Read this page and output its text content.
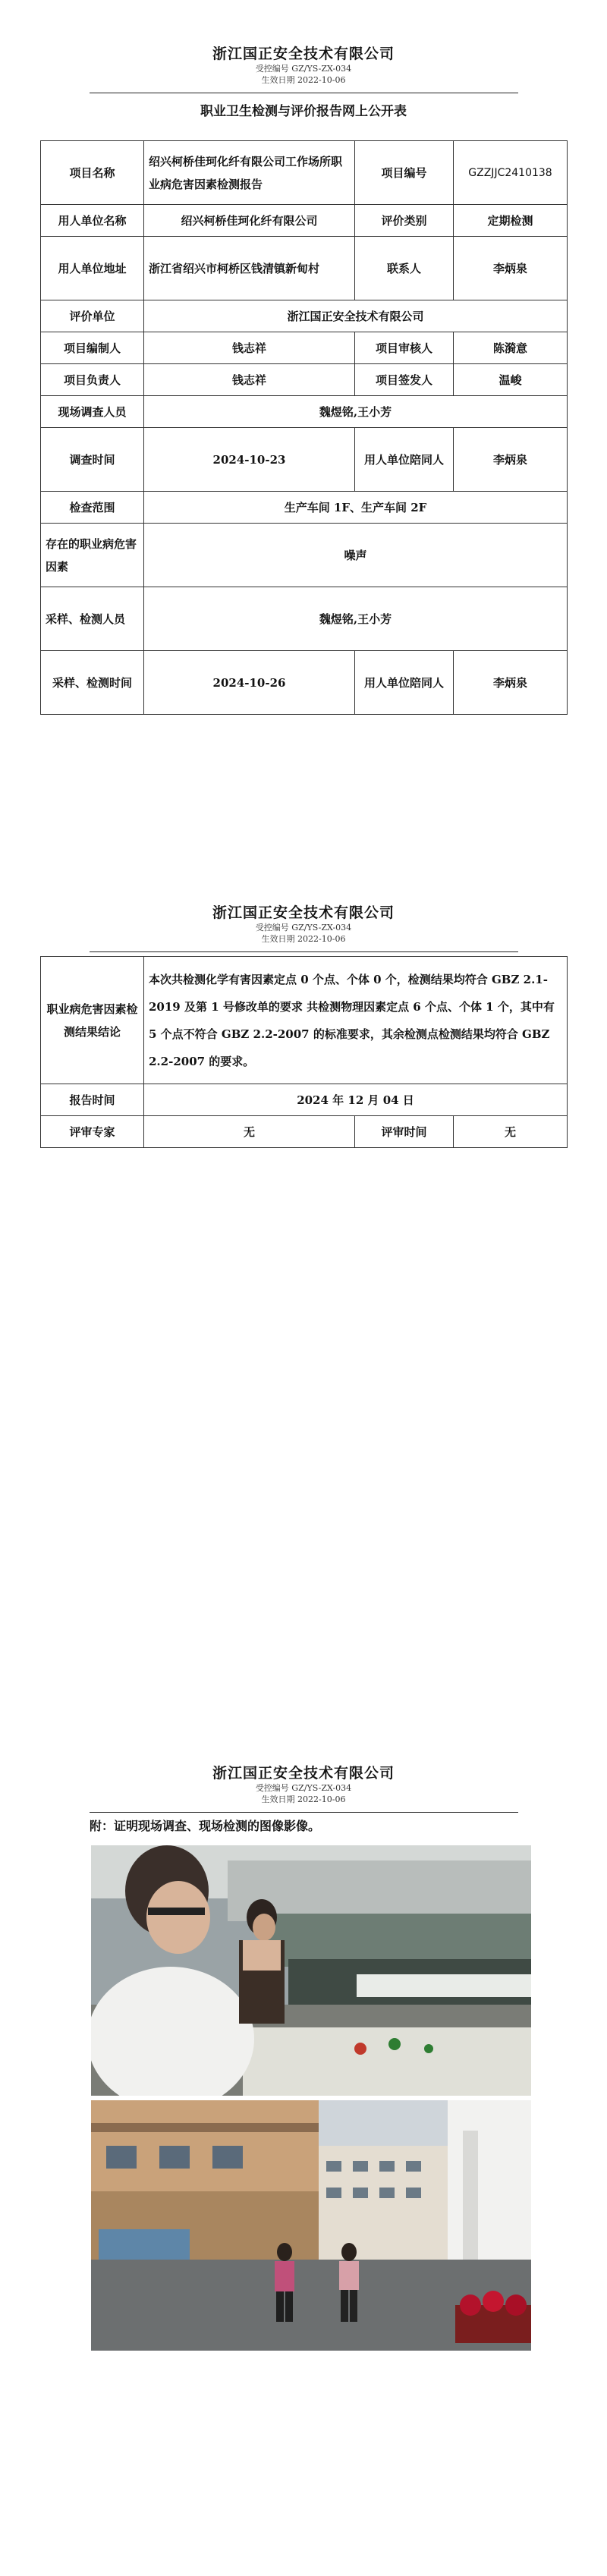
浙江国正安全技术有限公司
受控编号 GZ/YS-ZX-034
生效日期 2022-10-06
职业卫生检测与评价报告网上公开表
项目名称	绍兴柯桥佳珂化纤有限公司工作场所职业病危害因素检测报告	项目编号	GZZJJC2410138
用人单位名称	绍兴柯桥佳珂化纤有限公司	评价类别	定期检测
用人单位地址	浙江省绍兴市柯桥区钱清镇新甸村	联系人	李炳泉
评价单位	浙江国正安全技术有限公司		
项目编制人	钱志祥	项目审核人	陈漪意
项目负责人	钱志祥	项目签发人	温峻
现场调查人员	魏煜铭,王小芳		
调查时间	2024-10-23	用人单位陪同人	李炳泉
检查范围	生产车间 1F、生产车间 2F		
存在的职业病危害因素	噪声		
采样、检测人员	魏煜铭,王小芳		
采样、检测时间	2024-10-26	用人单位陪同人	李炳泉
浙江国正安全技术有限公司
受控编号 GZ/YS-ZX-034
生效日期 2022-10-06
职业病危害因素检测结果结论	本次共检测化学有害因素定点 0 个点、个体 0 个，检测结果均符合 GBZ 2.1-2019 及第 1 号修改单的要求 共检测物理因素定点 6 个点、个体 1 个，其中有 5 个点不符合 GBZ 2.2-2007 的标准要求，其余检测点检测结果均符合 GBZ 2.2-2007 的要求。		
报告时间	2024 年 12 月 04 日		
评审专家	无	评审时间	无
浙江国正安全技术有限公司
受控编号 GZ/YS-ZX-034
生效日期 2022-10-06
附：证明现场调查、现场检测的图像影像。
